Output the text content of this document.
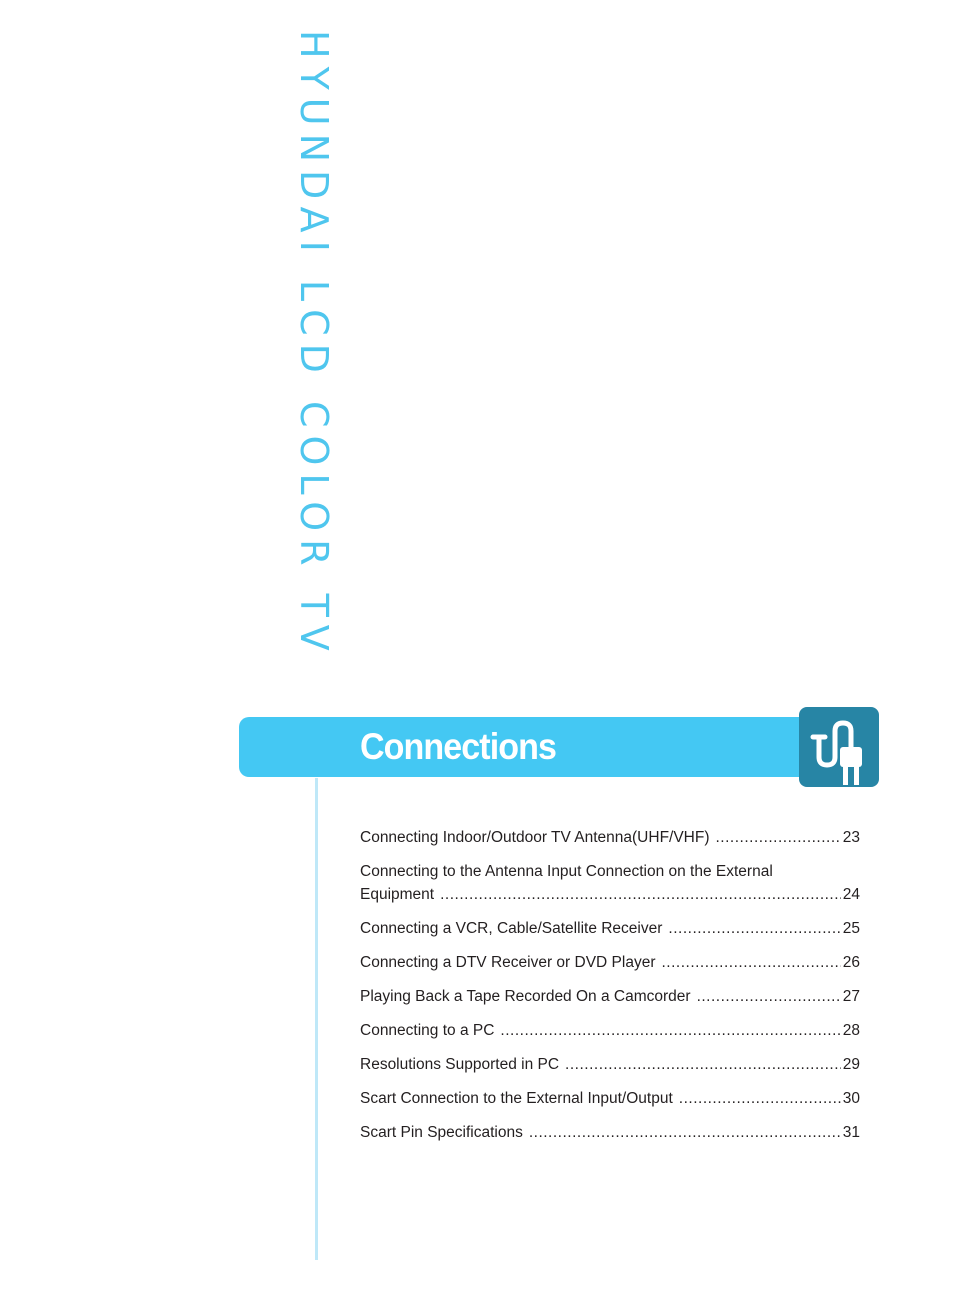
HYUNDAI LCD COLOR TV
Connections
Connecting Indoor/Outdoor TV Antenna(UHF/VHF) .....	23
Connecting to the Antenna Input Connection on the External
Equipment .....	24
Connecting a VCR, Cable/Satellite Receiver .....	25
Connecting a DTV Receiver or DVD Player .....	26
Playing Back a Tape Recorded On a Camcorder .....	27
Connecting to a PC .....	28
Resolutions Supported in PC .....	29
Scart Connection to the External Input/Output .....	30
Scart Pin Specifications .....	31
